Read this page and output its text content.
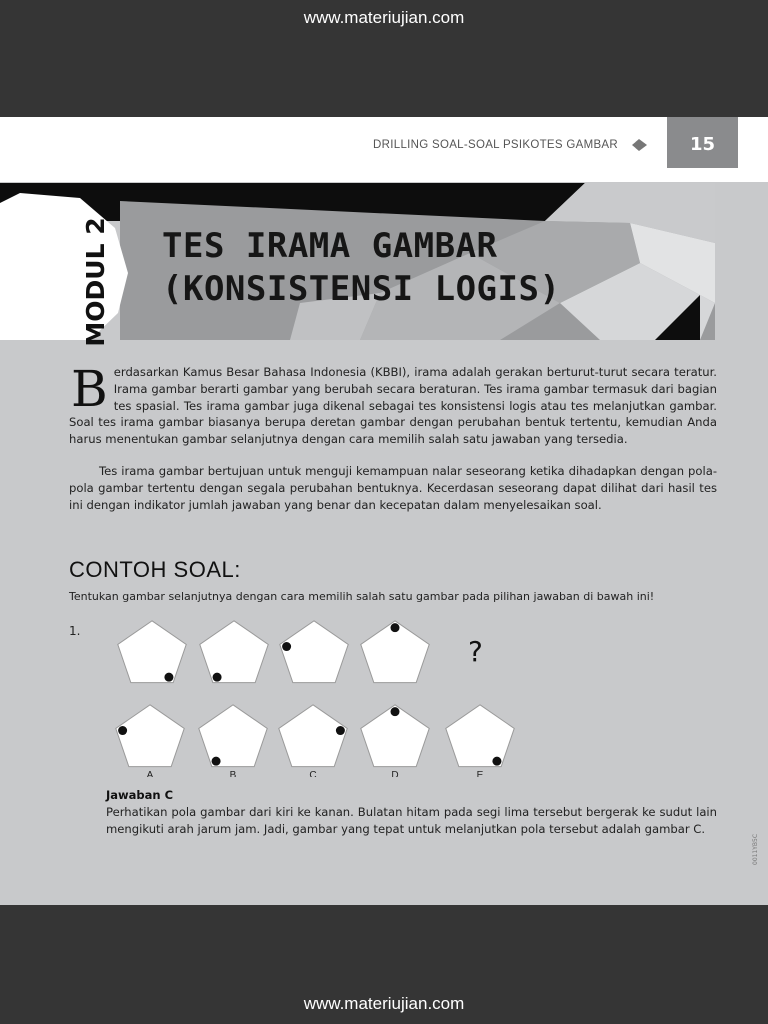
www.materiujian.com
DRILLING SOAL-SOAL PSIKOTES GAMBAR	15
MODUL 2 TES IRAMA GAMBAR
(KONSISTENSI LOGIS)
Berdasarkan Kamus Besar Bahasa Indonesia (KBBI), irama adalah gerakan berturut-turut secara teratur. Irama gambar berarti gambar yang berubah secara beraturan. Tes irama gambar termasuk dari bagian tes spasial. Tes irama gambar juga dikenal sebagai tes konsistensi logis atau tes melanjutkan gambar. Soal tes irama gambar biasanya berupa deretan gambar dengan perubahan bentuk tertentu, kemudian Anda harus menentukan gambar selanjutnya dengan cara memilih salah satu jawaban yang tersedia.
Tes irama gambar bertujuan untuk menguji kemampuan nalar seseorang ketika dihadapkan dengan pola-pola gambar tertentu dengan segala perubahan bentuknya. Kecerdasan seseorang dapat dilihat dari hasil tes ini dengan indikator jumlah jawaban yang benar dan kecepatan dalam menyelesaikan soal.
CONTOH SOAL:
Tentukan gambar selanjutnya dengan cara memilih salah satu gambar pada pilihan jawaban di bawah ini!
1.
A	B	C	D	E
?
Jawaban C
Perhatikan pola gambar dari kiri ke kanan. Bulatan hitam pada segi lima tersebut bergerak ke sudut lain mengikuti arah jarum jam. Jadi, gambar yang tepat untuk melanjutkan pola tersebut adalah gambar C.
0011YB5C
www.materiujian.com
